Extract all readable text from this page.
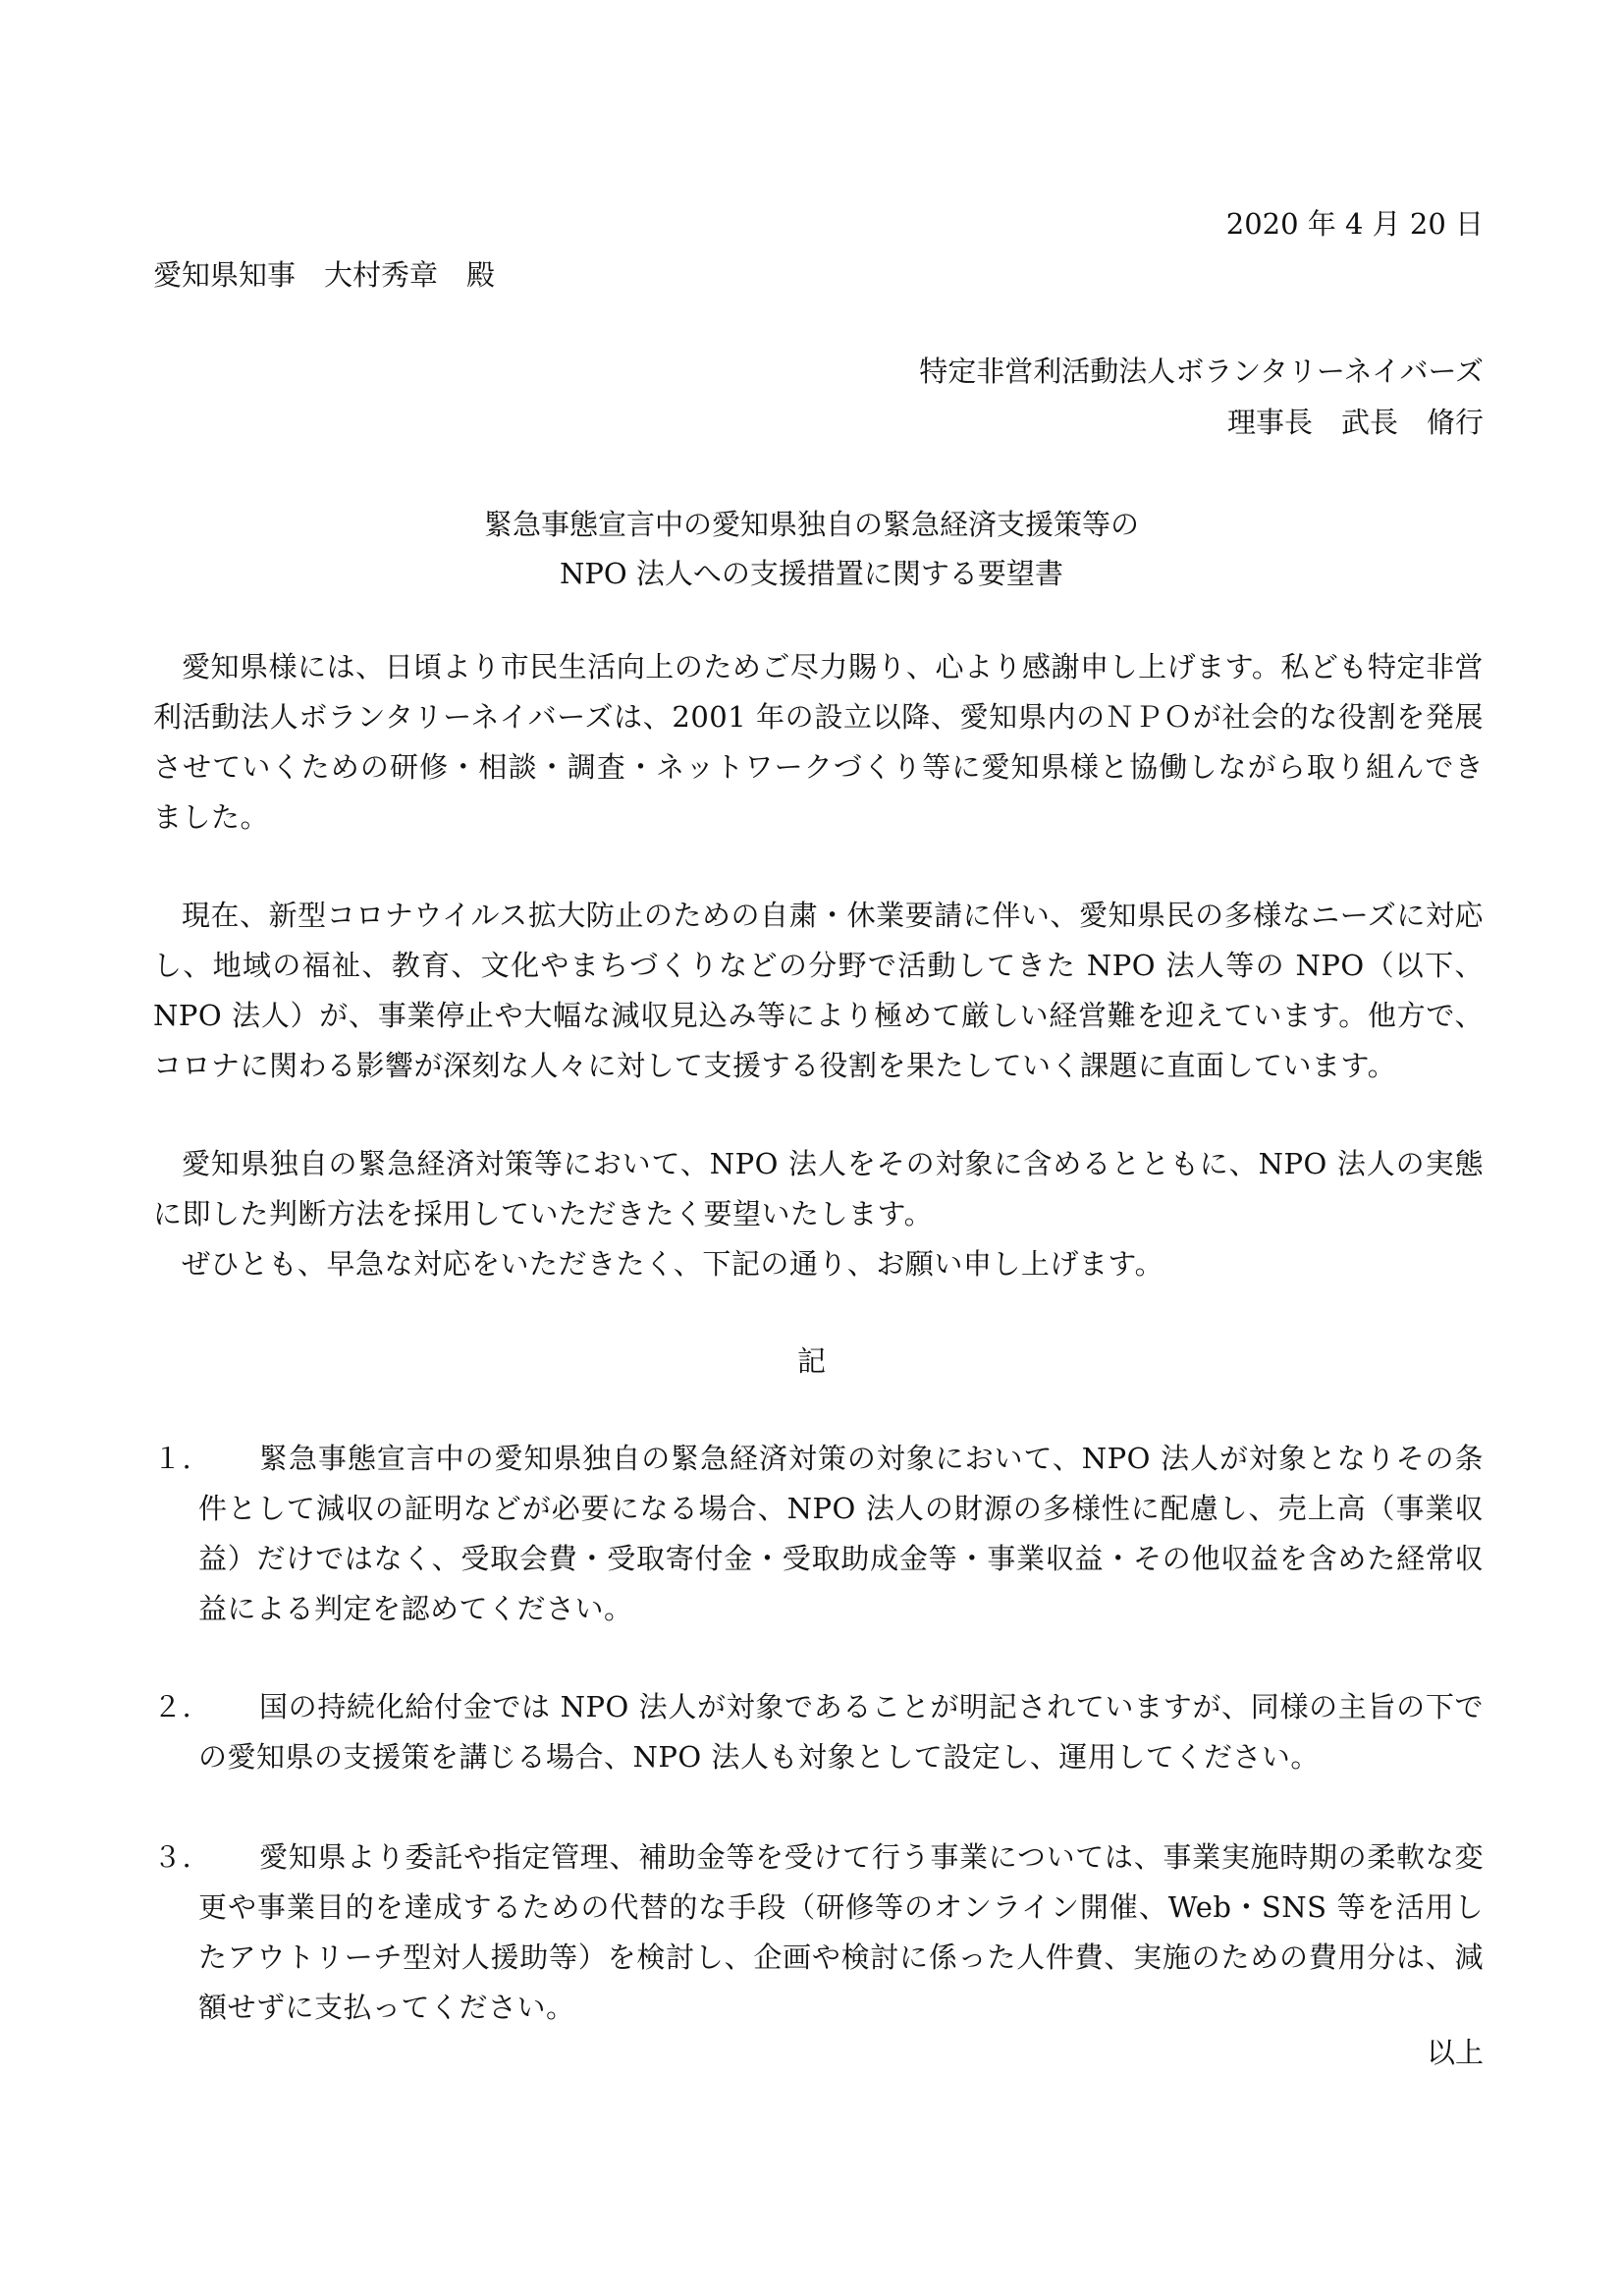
2020 年 4 月 20 日
愛知県知事　大村秀章　殿
特定非営利活動法人ボランタリーネイバーズ
理事長　武長　脩行
緊急事態宣言中の愛知県独自の緊急経済支援策等の
NPO 法人への支援措置に関する要望書
愛知県様には、日頃より市民生活向上のためご尽力賜り、心より感謝申し上げます。私ども特定非営利活動法人ボランタリーネイバーズは、2001 年の設立以降、愛知県内のＮＰＯが社会的な役割を発展させていくための研修・相談・調査・ネットワークづくり等に愛知県様と協働しながら取り組んできました。
現在、新型コロナウイルス拡大防止のための自粛・休業要請に伴い、愛知県民の多様なニーズに対応し、地域の福祉、教育、文化やまちづくりなどの分野で活動してきた NPO 法人等の NPO（以下、NPO 法人）が、事業停止や大幅な減収見込み等により極めて厳しい経営難を迎えています。他方で、コロナに関わる影響が深刻な人々に対して支援する役割を果たしていく課題に直面しています。
愛知県独自の緊急経済対策等において、NPO 法人をその対象に含めるとともに、NPO 法人の実態に即した判断方法を採用していただきたく要望いたします。
ぜひとも、早急な対応をいただきたく、下記の通り、お願い申し上げます。
記
１.	緊急事態宣言中の愛知県独自の緊急経済対策の対象において、NPO 法人が対象となりその条件として減収の証明などが必要になる場合、NPO 法人の財源の多様性に配慮し、売上高（事業収益）だけではなく、受取会費・受取寄付金・受取助成金等・事業収益・その他収益を含めた経常収益による判定を認めてください。
２.	国の持続化給付金では NPO 法人が対象であることが明記されていますが、同様の主旨の下での愛知県の支援策を講じる場合、NPO 法人も対象として設定し、運用してください。
３.	愛知県より委託や指定管理、補助金等を受けて行う事業については、事業実施時期の柔軟な変更や事業目的を達成するための代替的な手段（研修等のオンライン開催、Web・SNS 等を活用したアウトリーチ型対人援助等）を検討し、企画や検討に係った人件費、実施のための費用分は、減額せずに支払ってください。
以上
